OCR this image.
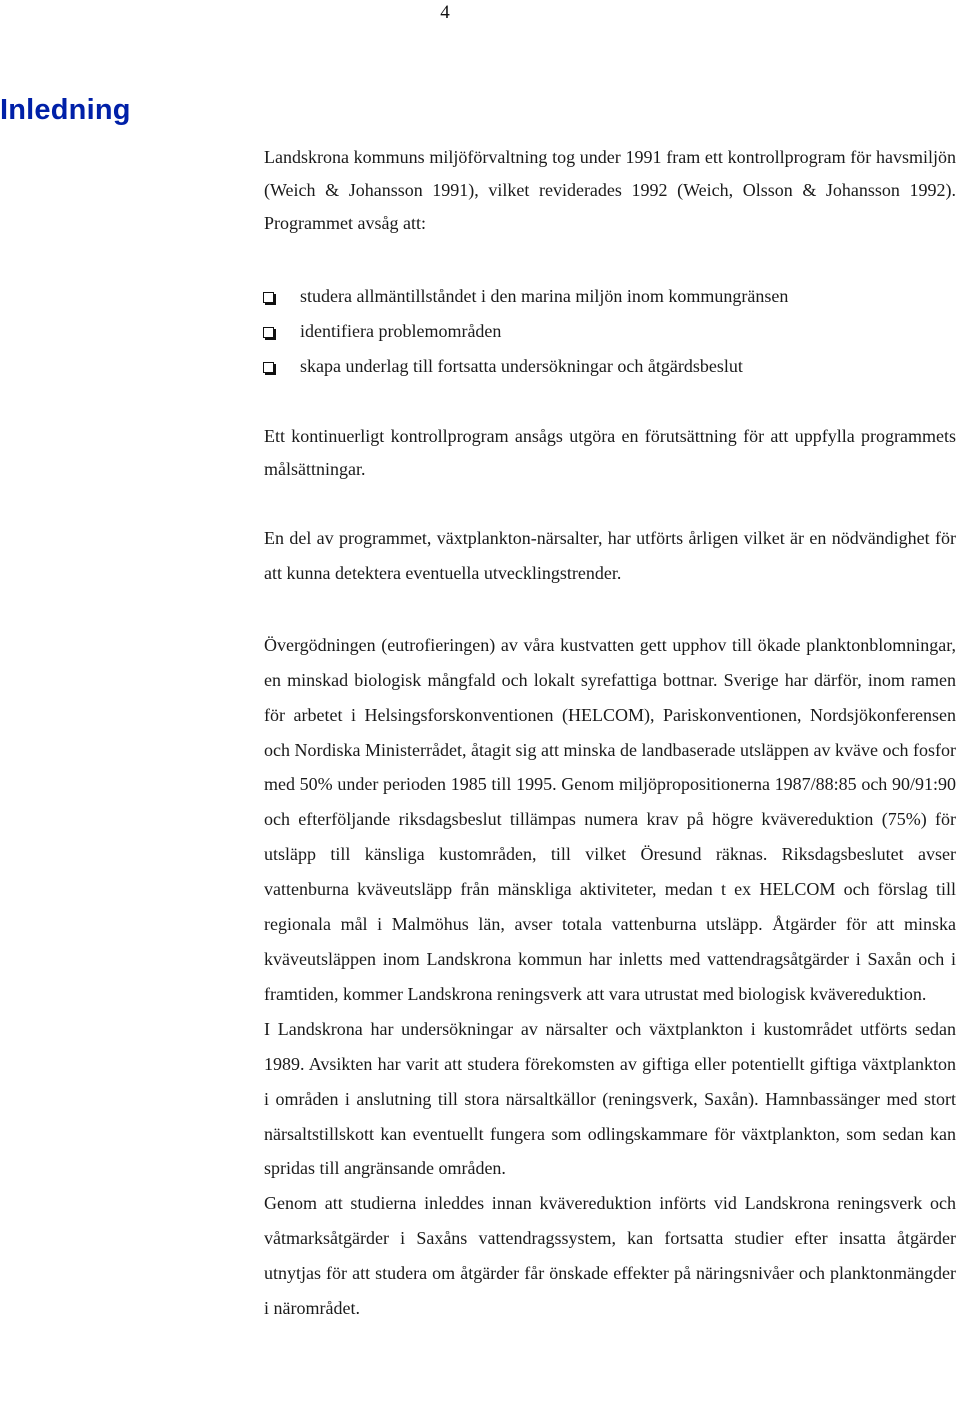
4
Inledning

Landskrona kommuns miljöförvaltning tog under 1991 fram ett kontrollprogram för havsmiljön (Weich & Johansson 1991), vilket reviderades 1992 (Weich, Olsson & Johansson 1992). Programmet avsåg att:

studera allmäntillståndet i den marina miljön inom kommungränsen
identifiera problemområden
skapa underlag till fortsatta undersökningar och åtgärdsbeslut

Ett kontinuerligt kontrollprogram ansågs utgöra en förutsättning för att uppfylla programmets målsättningar.

En del av programmet, växtplankton-närsalter, har utförts årligen vilket är en nödvändighet för att kunna detektera eventuella utvecklingstrender.

Övergödningen (eutrofieringen) av våra kustvatten gett upphov till ökade planktonblomningar, en minskad biologisk mångfald och lokalt syrefattiga bottnar. Sverige har därför, inom ramen för arbetet i Helsingsforskonventionen (HELCOM), Pariskonventionen, Nordsjökonferensen och Nordiska Ministerrådet, åtagit sig att minska de landbaserade utsläppen av kväve och fosfor med 50% under perioden 1985 till 1995. Genom miljöpropositionerna 1987/88:85 och 90/91:90 och efterföljande riksdagsbeslut tillämpas numera krav på högre kvävereduktion (75%) för utsläpp till känsliga kustområden, till vilket Öresund räknas. Riksdagsbeslutet avser vattenburna kväveutsläpp från mänskliga aktiviteter, medan t ex HELCOM och förslag till regionala mål i Malmöhus län, avser totala vattenburna utsläpp. Åtgärder för att minska kväveutsläppen inom Landskrona kommun har inletts med vattendragsåtgärder i Saxån och i framtiden, kommer Landskrona reningsverk att vara utrustat med biologisk kvävereduktion.

I Landskrona har undersökningar av närsalter och växtplankton i kustområdet utförts sedan 1989. Avsikten har varit att studera förekomsten av giftiga eller potentiellt giftiga växtplankton i områden i anslutning till stora närsaltkällor (reningsverk, Saxån). Hamnbassänger med stort närsaltstillskott kan eventuellt fungera som odlingskammare för växtplankton, som sedan kan spridas till angränsande områden.

Genom att studierna inleddes innan kvävereduktion införts vid Landskrona reningsverk och våtmarksåtgärder i Saxåns vattendragssystem, kan fortsatta studier efter insatta åtgärder utnytjas för att studera om åtgärder får önskade effekter på näringsnivåer och planktonmängder i närområdet.
